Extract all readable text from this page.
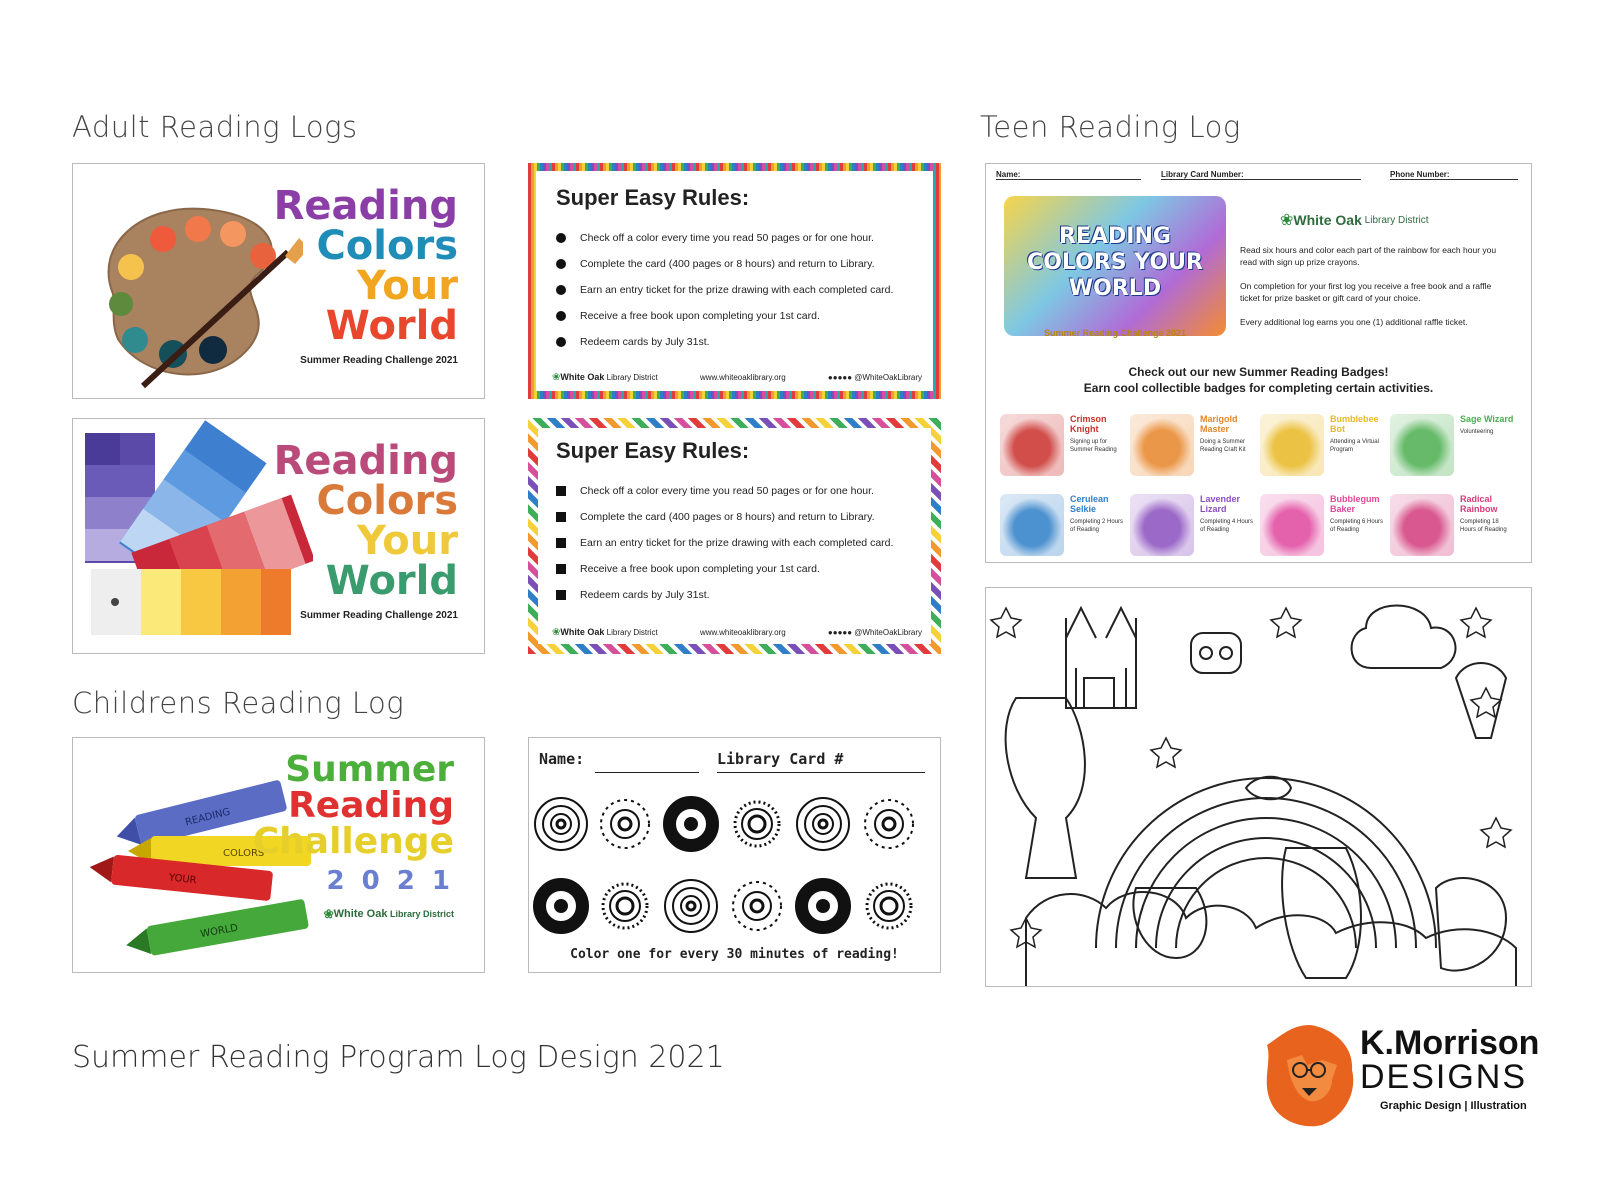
Adult Reading Logs	Teen Reading Log
Childrens Reading Log
Reading
Colors
Your
World
Summer Reading Challenge 2021
Reading
Colors
Your
World
Summer Reading Challenge 2021
Super Easy Rules:
Check off a color every time you read 50 pages or for one hour.
Complete the card (400 pages or 8 hours) and return to Library.
Earn an entry ticket for the prize drawing with each completed card.
Receive a free book upon completing your 1st card.
Redeem cards by July 31st.
❀White Oak Library District	www.whiteoaklibrary.org	●●●●● @WhiteOakLibrary
Super Easy Rules:
Check off a color every time you read 50 pages or for one hour.
Complete the card (400 pages or 8 hours) and return to Library.
Earn an entry ticket for the prize drawing with each completed card.
Receive a free book upon completing your 1st card.
Redeem cards by July 31st.
❀White Oak Library District	www.whiteoaklibrary.org	●●●●● @WhiteOakLibrary
READING
COLORS
YOUR
WORLD
Summer
Reading
Challenge
2 0 2 1
❀ White Oak
Library District
Name:	Library Card #
Color one for every 30 minutes of reading!
Name:	Library Card Number:	Phone Number:
READING COLORS YOUR WORLD
Summer Reading Challenge 2021
❀ White Oak
Library District
Read six hours and color each part of the rainbow for each hour you read with sign up prize crayons.
On completion for your first log you receive a free book and a raffle ticket for prize basket or gift card of your choice.
Every additional log earns you one (1) additional raffle ticket.
Check out our new Summer Reading Badges!
Earn cool collectible badges for completing certain activities.
Crimson Knight
Signing up for Summer Reading
Marigold Master
Doing a Summer Reading Craft Kit
Bumblebee Bot
Attending a Virtual Program
Sage Wizard
Volunteering
Cerulean Selkie
Completing 2 Hours of Reading
Lavender Lizard
Completing 4 Hours of Reading
Bubblegum Baker
Completing 6 Hours of Reading
Radical Rainbow
Completing 18 Hours of Reading
Summer Reading Program Log Design 2021	K.Morrison
DESIGNS
Graphic Design | Illustration
